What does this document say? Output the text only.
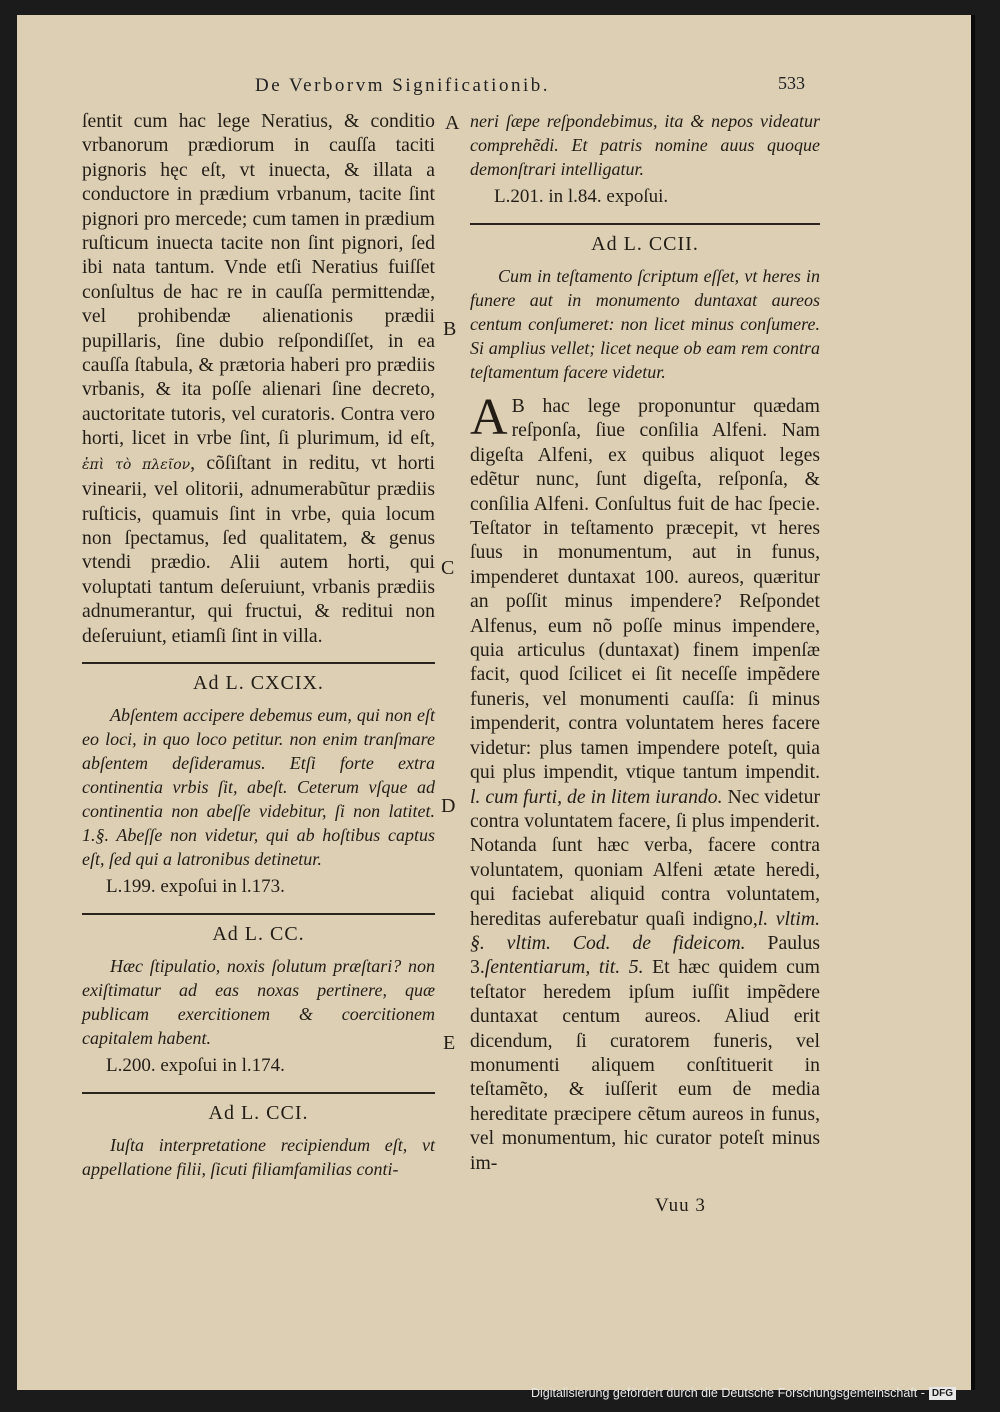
De Verborvm Significationib.	533

ſentit cum hac lege Neratius, & conditio vrbanorum prædiorum in cauſſa taciti pignoris hęc eſt, vt inuecta, & illata a conductore in prædium vrbanum, tacite ſint pignori pro mercede; cum tamen in prædium ruſticum inuecta tacite non ſint pignori, ſed ibi nata tantum. Vnde etſi Neratius fuiſſet conſultus de hac re in cauſſa permittendæ, vel prohibendæ alienationis prædii pupillaris, ſine dubio reſpondiſſet, in ea cauſſa ſtabula, & prætoria haberi pro prædiis vrbanis, & ita poſſe alienari ſine decreto, auctoritate tutoris, vel curatoris. Contra vero horti, licet in vrbe ſint, ſi plurimum, id eſt, ἐπὶ τὸ πλεῖον, cõſiſtant in reditu, vt horti vinearii, vel olitorii, adnumerabũtur prædiis ruſticis, quamuis ſint in vrbe, quia locum non ſpectamus, ſed qualitatem, & genus vtendi prædio. Alii autem horti, qui voluptati tantum deſeruiunt, vrbanis prædiis adnumerantur, qui fructui, & reditui non deſeruiunt, etiamſi ſint in villa.

Ad L. CXCIX.

Abſentem accipere debemus eum, qui non eſt eo loci, in quo loco petitur. non enim tranſmare abſentem deſideramus. Etſi forte extra continentia vrbis ſit, abeſt. Ceterum vſque ad continentia non abeſſe videbitur, ſi non latitet. 1.§. Abeſſe non videtur, qui ab hoſtibus captus eſt, ſed qui a latronibus detinetur.

L.199. expoſui in l.173.
Ad L. CC.

Hæc ſtipulatio, noxis ſolutum præſtari? non exiſtimatur ad eas noxas pertinere, quæ publicam exercitionem & coercitionem capitalem habent.

L.200. expoſui in l.174.
Ad L. CCI.

Iuſta interpretatione recipiendum eſt, vt appellatione filii, ſicuti filiamfamilias conti-

A
B
C
D
E

neri ſæpe reſpondebimus, ita & nepos videatur comprehẽdi. Et patris nomine auus quoque demonſtrari intelligatur.

L.201. in l.84. expoſui.
Ad L. CCII.

Cum in teſtamento ſcriptum eſſet, vt heres in funere aut in monumento duntaxat aureos centum conſumeret: non licet minus conſumere. Si amplius vellet; licet neque ob eam rem contra teſtamentum facere videtur.

A B hac lege proponuntur quædam reſponſa, ſiue conſilia Alfeni. Nam digeſta Alfeni, ex quibus aliquot leges edẽtur nunc, ſunt digeſta, reſponſa, & conſilia Alfeni. Conſultus fuit de hac ſpecie. Teſtator in teſtamento præcepit, vt heres ſuus in monumentum, aut in funus, impenderet duntaxat 100. aureos, quæritur an poſſit minus impendere? Reſpondet Alfenus, eum nõ poſſe minus impendere, quia articulus (duntaxat) finem impenſæ facit, quod ſcilicet ei ſit neceſſe impẽdere funeris, vel monumenti cauſſa: ſi minus impenderit, contra voluntatem heres facere videtur: plus tamen impendere poteſt, quia qui plus impendit, vtique tantum impendit. l. cum furti, de in litem iurando. Nec videtur contra voluntatem facere, ſi plus impenderit. Notanda ſunt hæc verba, facere contra voluntatem, quoniam Alfeni ætate heredi, qui faciebat aliquid contra voluntatem, hereditas auferebatur quaſi indigno,l. vltim. §. vltim. Cod. de fideicom. Paulus 3.ſententiarum, tit. 5. Et hæc quidem cum teſtator heredem ipſum iuſſit impẽdere duntaxat centum aureos. Aliud erit dicendum, ſi curatorem funeris, vel monumenti aliquem conſtituerit in teſtamẽto, & iuſſerit eum de media hereditate præcipere cẽtum aureos in funus, vel monumentum, hic curator poteſt minus im-

Vuu 3
Digitalisierung gefördert durch die Deutsche Forschungsgemeinschaft - DFG
